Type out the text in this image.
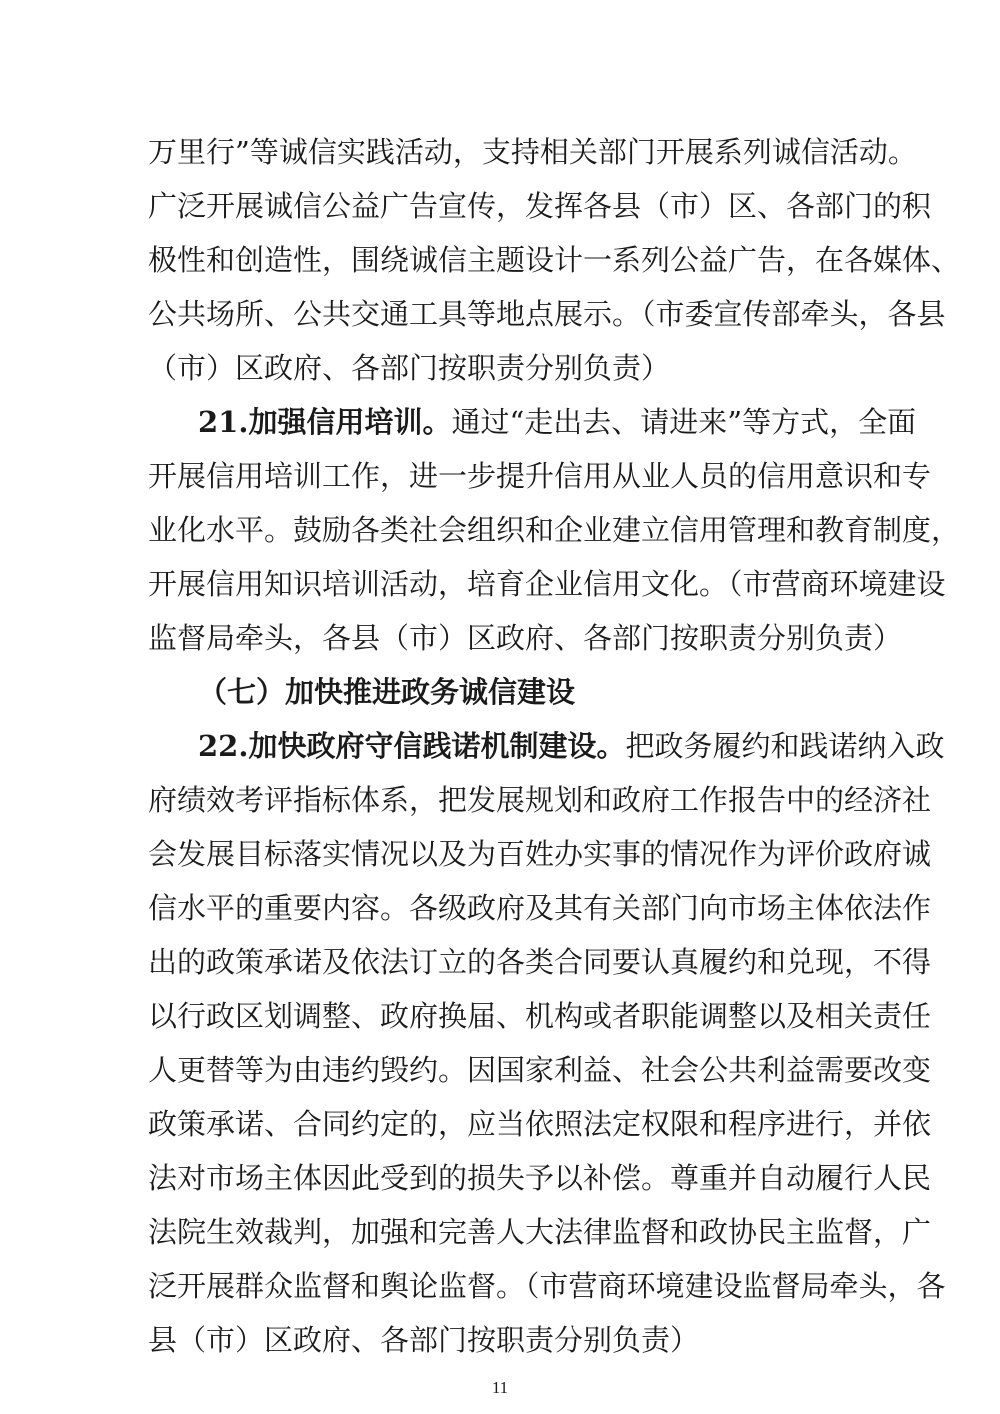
万里行”等诚信实践活动，支持相关部门开展系列诚信活动。
广泛开展诚信公益广告宣传，发挥各县（市）区、各部门的积
极性和创造性，围绕诚信主题设计一系列公益广告，在各媒体、
公共场所、公共交通工具等地点展示。（市委宣传部牵头，各县
（市）区政府、各部门按职责分别负责）
21.加强信用培训。通过“走出去、请进来”等方式，全面
开展信用培训工作，进一步提升信用从业人员的信用意识和专
业化水平。鼓励各类社会组织和企业建立信用管理和教育制度，
开展信用知识培训活动，培育企业信用文化。（市营商环境建设
监督局牵头，各县（市）区政府、各部门按职责分别负责）
（七）加快推进政务诚信建设
22.加快政府守信践诺机制建设。把政务履约和践诺纳入政
府绩效考评指标体系，把发展规划和政府工作报告中的经济社
会发展目标落实情况以及为百姓办实事的情况作为评价政府诚
信水平的重要内容。各级政府及其有关部门向市场主体依法作
出的政策承诺及依法订立的各类合同要认真履约和兑现，不得
以行政区划调整、政府换届、机构或者职能调整以及相关责任
人更替等为由违约毁约。因国家利益、社会公共利益需要改变
政策承诺、合同约定的，应当依照法定权限和程序进行，并依
法对市场主体因此受到的损失予以补偿。尊重并自动履行人民
法院生效裁判，加强和完善人大法律监督和政协民主监督，广
泛开展群众监督和舆论监督。（市营商环境建设监督局牵头，各
县（市）区政府、各部门按职责分别负责）
11
